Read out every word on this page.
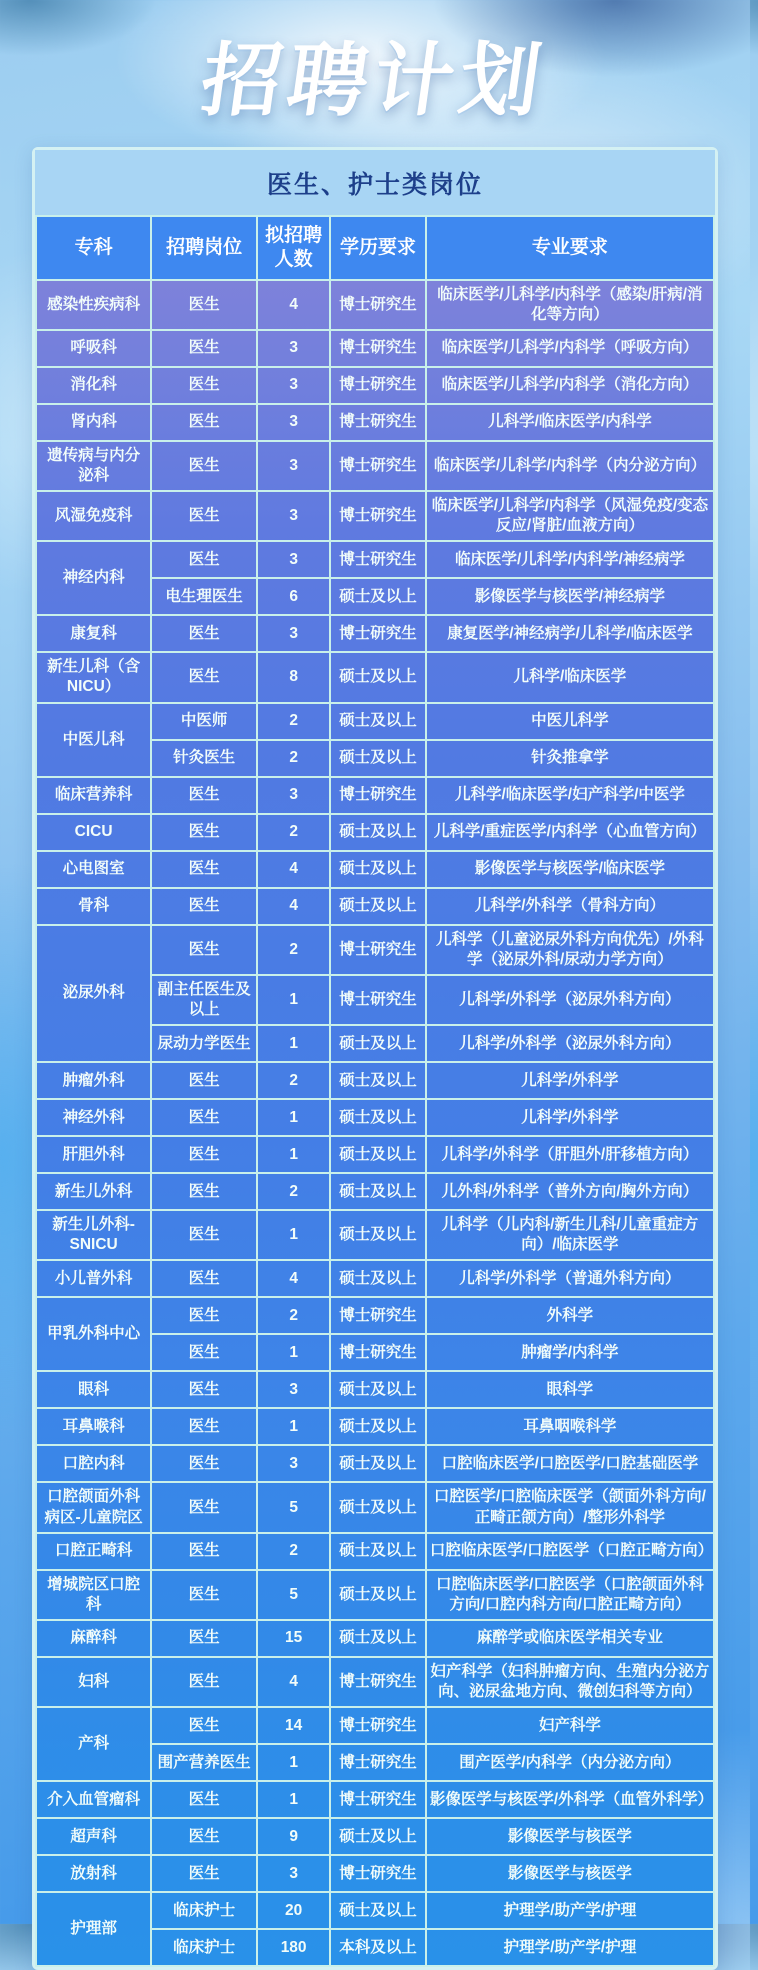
招聘计划
医生、护士类岗位
专科	招聘岗位	拟招聘人数	学历要求	专业要求
感染性疾病科	医生	4	博士研究生	临床医学/儿科学/内科学（感染/肝病/消化等方向）
呼吸科	医生	3	博士研究生	临床医学/儿科学/内科学（呼吸方向）
消化科	医生	3	博士研究生	临床医学/儿科学/内科学（消化方向）
肾内科	医生	3	博士研究生	儿科学/临床医学/内科学
遗传病与内分泌科	医生	3	博士研究生	临床医学/儿科学/内科学（内分泌方向）
风湿免疫科	医生	3	博士研究生	临床医学/儿科学/内科学（风湿免疫/变态反应/肾脏/血液方向）
神经内科	医生	3	博士研究生	临床医学/儿科学/内科学/神经病学
	电生理医生	6	硕士及以上	影像医学与核医学/神经病学
康复科	医生	3	博士研究生	康复医学/神经病学/儿科学/临床医学
新生儿科（含NICU）	医生	8	硕士及以上	儿科学/临床医学
中医儿科	中医师	2	硕士及以上	中医儿科学
	针灸医生	2	硕士及以上	针灸推拿学
临床营养科	医生	3	博士研究生	儿科学/临床医学/妇产科学/中医学
CICU	医生	2	硕士及以上	儿科学/重症医学/内科学（心血管方向）
心电图室	医生	4	硕士及以上	影像医学与核医学/临床医学
骨科	医生	4	硕士及以上	儿科学/外科学（骨科方向）
泌尿外科	医生	2	博士研究生	儿科学（儿童泌尿外科方向优先）/外科学（泌尿外科/尿动力学方向）
	副主任医生及以上	1	博士研究生	儿科学/外科学（泌尿外科方向）
	尿动力学医生	1	硕士及以上	儿科学/外科学（泌尿外科方向）
肿瘤外科	医生	2	硕士及以上	儿科学/外科学
神经外科	医生	1	硕士及以上	儿科学/外科学
肝胆外科	医生	1	硕士及以上	儿科学/外科学（肝胆外/肝移植方向）
新生儿外科	医生	2	硕士及以上	儿外科/外科学（普外方向/胸外方向）
新生儿外科-SNICU	医生	1	硕士及以上	儿科学（儿内科/新生儿科/儿童重症方向）/临床医学
小儿普外科	医生	4	硕士及以上	儿科学/外科学（普通外科方向）
甲乳外科中心	医生	2	博士研究生	外科学
	医生	1	博士研究生	肿瘤学/内科学
眼科	医生	3	硕士及以上	眼科学
耳鼻喉科	医生	1	硕士及以上	耳鼻咽喉科学
口腔内科	医生	3	硕士及以上	口腔临床医学/口腔医学/口腔基础医学
口腔颌面外科病区-儿童院区	医生	5	硕士及以上	口腔医学/口腔临床医学（颌面外科方向/正畸正颌方向）/整形外科学
口腔正畸科	医生	2	硕士及以上	口腔临床医学/口腔医学（口腔正畸方向）
增城院区口腔科	医生	5	硕士及以上	口腔临床医学/口腔医学（口腔颌面外科方向/口腔内科方向/口腔正畸方向）
麻醉科	医生	15	硕士及以上	麻醉学或临床医学相关专业
妇科	医生	4	博士研究生	妇产科学（妇科肿瘤方向、生殖内分泌方向、泌尿盆地方向、微创妇科等方向）
产科	医生	14	博士研究生	妇产科学
	围产营养医生	1	博士研究生	围产医学/内科学（内分泌方向）
介入血管瘤科	医生	1	博士研究生	影像医学与核医学/外科学（血管外科学）
超声科	医生	9	硕士及以上	影像医学与核医学
放射科	医生	3	博士研究生	影像医学与核医学
护理部	临床护士	20	硕士及以上	护理学/助产学/护理
	临床护士	180	本科及以上	护理学/助产学/护理
